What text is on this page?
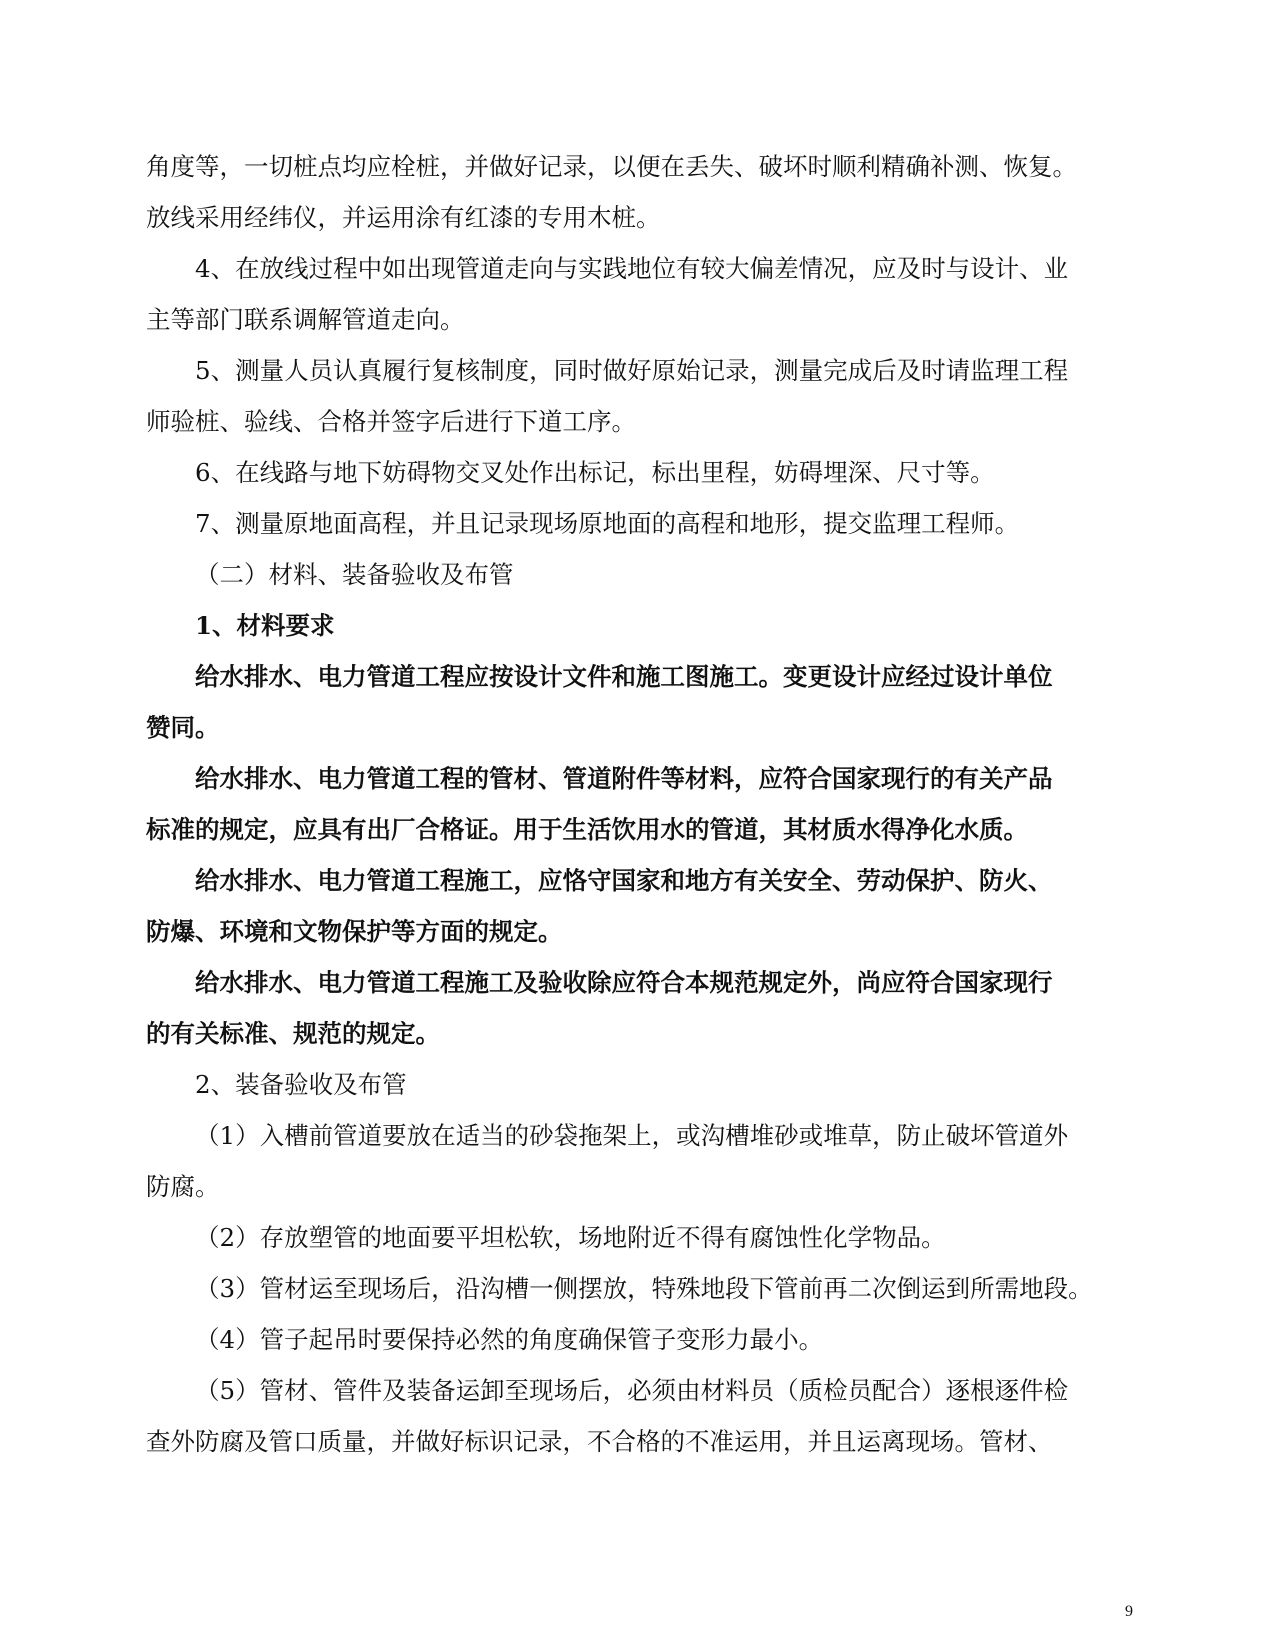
角度等，一切桩点均应栓桩，并做好记录，以便在丢失、破坏时顺利精确补测、恢复。
放线采用经纬仪，并运用涂有红漆的专用木桩。
4、在放线过程中如出现管道走向与实践地位有较大偏差情况，应及时与设计、业
主等部门联系调解管道走向。
5、测量人员认真履行复核制度，同时做好原始记录，测量完成后及时请监理工程
师验桩、验线、合格并签字后进行下道工序。
6、在线路与地下妨碍物交叉处作出标记，标出里程，妨碍埋深、尺寸等。
7、测量原地面高程，并且记录现场原地面的高程和地形，提交监理工程师。
（二）材料、装备验收及布管
1、材料要求
给水排水、电力管道工程应按设计文件和施工图施工。变更设计应经过设计单位
赞同。
给水排水、电力管道工程的管材、管道附件等材料，应符合国家现行的有关产品
标准的规定，应具有出厂合格证。用于生活饮用水的管道，其材质水得净化水质。
给水排水、电力管道工程施工，应恪守国家和地方有关安全、劳动保护、防火、
防爆、环境和文物保护等方面的规定。
给水排水、电力管道工程施工及验收除应符合本规范规定外，尚应符合国家现行
的有关标准、规范的规定。
2、装备验收及布管
（1）入槽前管道要放在适当的砂袋拖架上，或沟槽堆砂或堆草，防止破坏管道外
防腐。
（2）存放塑管的地面要平坦松软，场地附近不得有腐蚀性化学物品。
（3）管材运至现场后，沿沟槽一侧摆放，特殊地段下管前再二次倒运到所需地段。
（4）管子起吊时要保持必然的角度确保管子变形力最小。
（5）管材、管件及装备运卸至现场后，必须由材料员（质检员配合）逐根逐件检
查外防腐及管口质量，并做好标识记录，不合格的不准运用，并且运离现场。管材、
9
